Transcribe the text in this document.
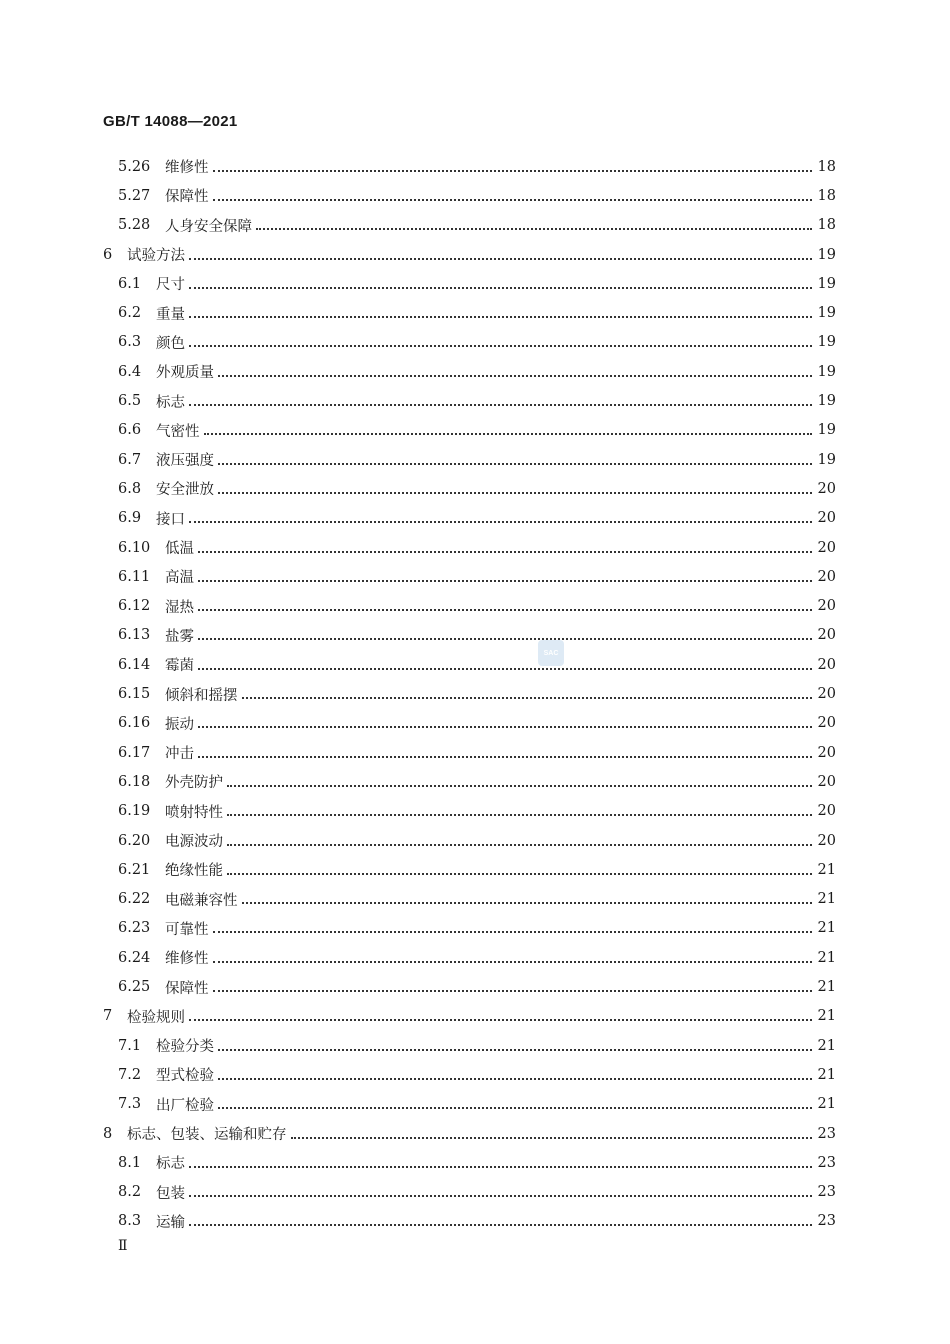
GB/T 14088—2021
5.26	维修性	18
5.27	保障性	18
5.28	人身安全保障	18
6	试验方法	19
6.1	尺寸	19
6.2	重量	19
6.3	颜色	19
6.4	外观质量	19
6.5	标志	19
6.6	气密性	19
6.7	液压强度	19
6.8	安全泄放	20
6.9	接口	20
6.10	低温	20
6.11	高温	20
6.12	湿热	20
6.13	盐雾	20
6.14	霉菌	20
6.15	倾斜和摇摆	20
6.16	振动	20
6.17	冲击	20
6.18	外壳防护	20
6.19	喷射特性	20
6.20	电源波动	20
6.21	绝缘性能	21
6.22	电磁兼容性	21
6.23	可靠性	21
6.24	维修性	21
6.25	保障性	21
7	检验规则	21
7.1	检验分类	21
7.2	型式检验	21
7.3	出厂检验	21
8	标志、包装、运输和贮存	23
8.1	标志	23
8.2	包装	23
8.3	运输	23
SAC
Ⅱ
